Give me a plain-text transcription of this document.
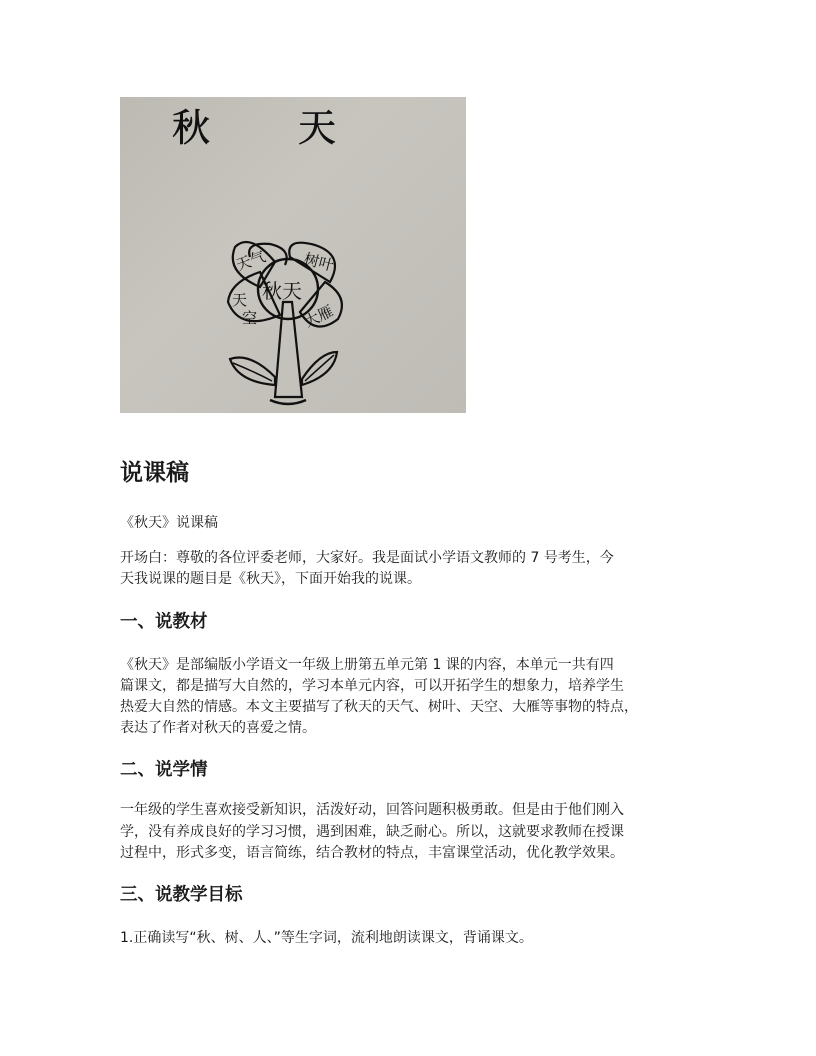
秋 天
秋天
天气 树叶
天
空	大雁
说课稿

《秋天》说课稿

开场白：尊敬的各位评委老师，大家好。我是面试小学语文教师的 7 号考生，今

天我说课的题目是《秋天》，下面开始我的说课。

一、说教材

《秋天》是部编版小学语文一年级上册第五单元第 1 课的内容，本单元一共有四

篇课文，都是描写大自然的，学习本单元内容，可以开拓学生的想象力，培养学生

热爱大自然的情感。本文主要描写了秋天的天气、树叶、天空、大雁等事物的特点，

表达了作者对秋天的喜爱之情。

二、说学情

一年级的学生喜欢接受新知识，活泼好动，回答问题积极勇敢。但是由于他们刚入

学，没有养成良好的学习习惯，遇到困难，缺乏耐心。所以，这就要求教师在授课

过程中，形式多变，语言简练，结合教材的特点，丰富课堂活动，优化教学效果。

三、说教学目标

1.正确读写“秋、树、人、”等生字词，流利地朗读课文，背诵课文。
